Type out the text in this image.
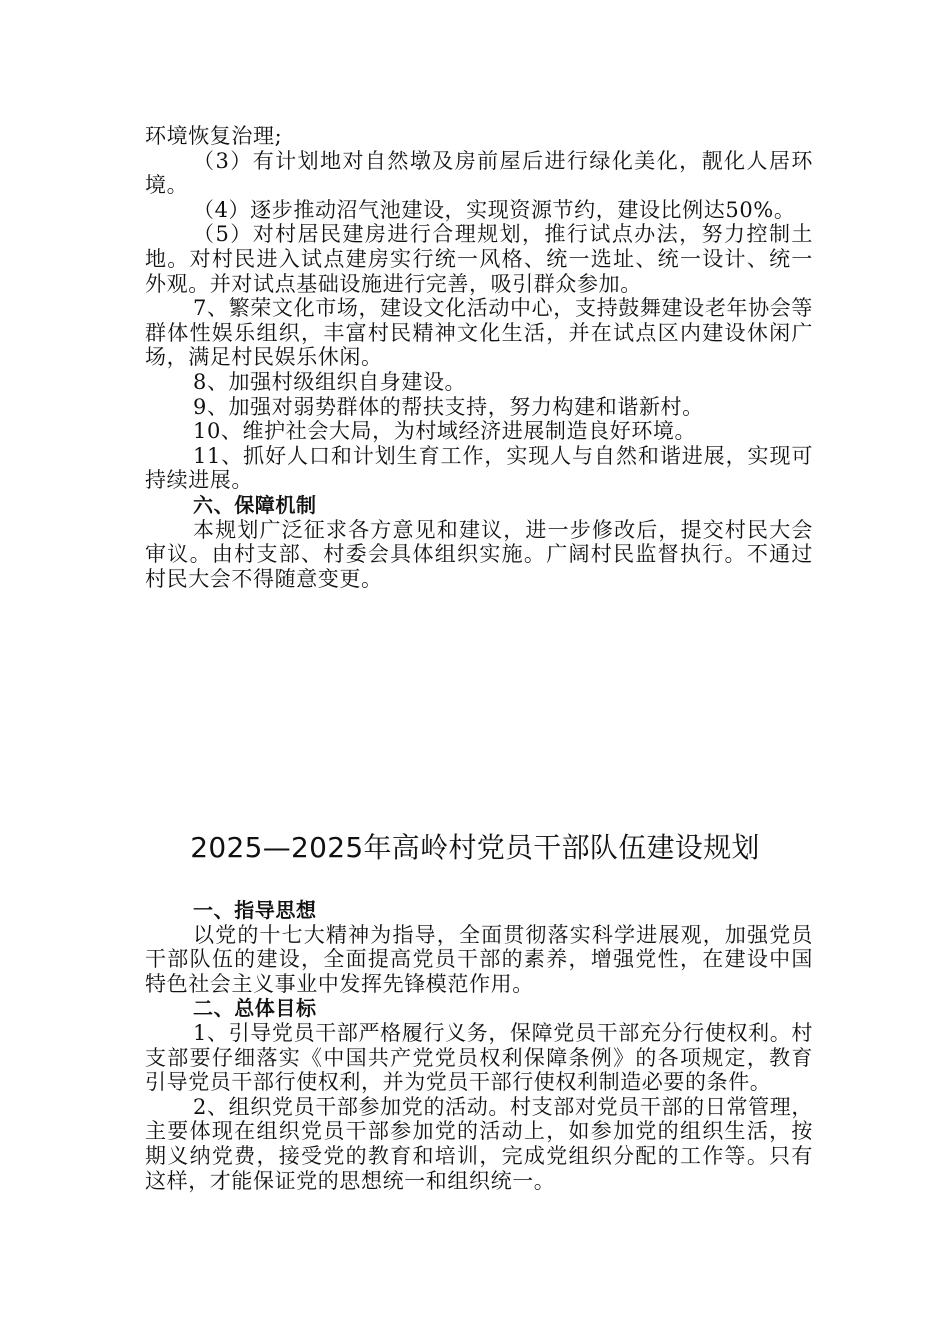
环境恢复治理;

（3）有计划地对自然墩及房前屋后进行绿化美化，靓化人居环境。

（4）逐步推动沼气池建设，实现资源节约，建设比例达50%。

（5）对村居民建房进行合理规划，推行试点办法，努力控制土地。对村民进入试点建房实行统一风格、统一选址、统一设计、统一外观。并对试点基础设施进行完善，吸引群众参加。

7、繁荣文化市场，建设文化活动中心，支持鼓舞建设老年协会等群体性娱乐组织，丰富村民精神文化生活，并在试点区内建设休闲广场，满足村民娱乐休闲。

8、加强村级组织自身建设。

9、加强对弱势群体的帮扶支持，努力构建和谐新村。

10、维护社会大局，为村域经济进展制造良好环境。

11、抓好人口和计划生育工作，实现人与自然和谐进展，实现可持续进展。

六、保障机制

本规划广泛征求各方意见和建议，进一步修改后，提交村民大会审议。由村支部、村委会具体组织实施。广阔村民监督执行。不通过村民大会不得随意变更。

2025—2025年高岭村党员干部队伍建设规划

一、指导思想

以党的十七大精神为指导，全面贯彻落实科学进展观，加强党员干部队伍的建设，全面提高党员干部的素养，增强党性，在建设中国特色社会主义事业中发挥先锋模范作用。

二、总体目标

1、引导党员干部严格履行义务，保障党员干部充分行使权利。村支部要仔细落实《中国共产党党员权利保障条例》的各项规定，教育引导党员干部行使权利，并为党员干部行使权利制造必要的条件。

2、组织党员干部参加党的活动。村支部对党员干部的日常管理，主要体现在组织党员干部参加党的活动上，如参加党的组织生活，按期义纳党费，接受党的教育和培训，完成党组织分配的工作等。只有这样，才能保证党的思想统一和组织统一。
